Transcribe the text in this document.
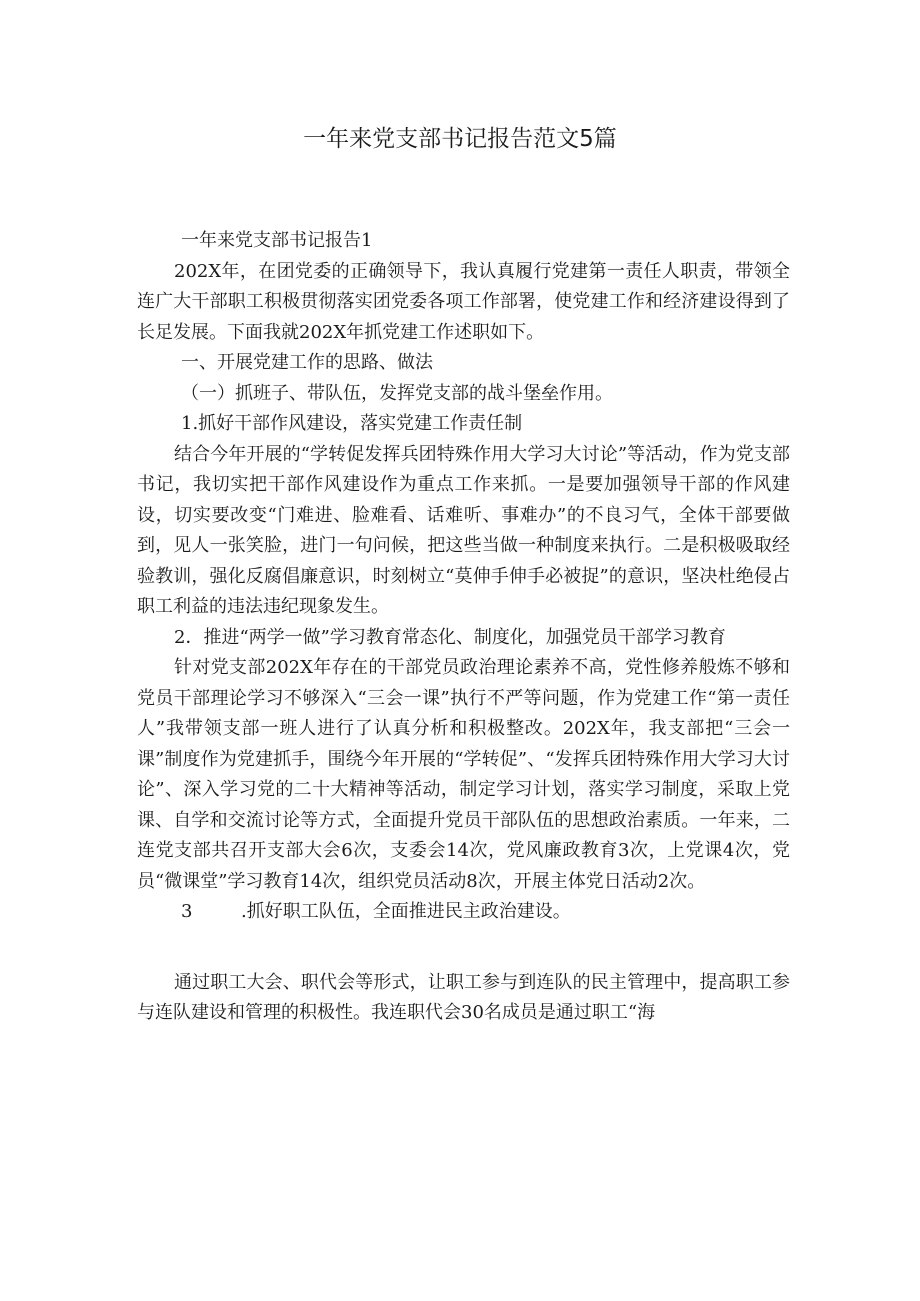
一年来党支部书记报告范文5篇

一年来党支部书记报告1

202X年，在团党委的正确领导下，我认真履行党建第一责任人职责，带领全连广大干部职工积极贯彻落实团党委各项工作部署，使党建工作和经济建设得到了长足发展。下面我就202X年抓党建工作述职如下。

一、开展党建工作的思路、做法

（一）抓班子、带队伍，发挥党支部的战斗堡垒作用。

1.抓好干部作风建设，落实党建工作责任制

结合今年开展的“学转促发挥兵团特殊作用大学习大讨论”等活动，作为党支部书记，我切实把干部作风建设作为重点工作来抓。一是要加强领导干部的作风建设，切实要改变“门难进、脸难看、话难听、事难办”的不良习气，全体干部要做到，见人一张笑脸，进门一句问候，把这些当做一种制度来执行。二是积极吸取经验教训，强化反腐倡廉意识，时刻树立“莫伸手伸手必被捉”的意识，坚决杜绝侵占职工利益的违法违纪现象发生。

2．推进“两学一做”学习教育常态化、制度化，加强党员干部学习教育

针对党支部202X年存在的干部党员政治理论素养不高，党性修养般炼不够和党员干部理论学习不够深入“三会一课”执行不严等问题，作为党建工作“第一责任人”我带领支部一班人进行了认真分析和积极整改。202X年，我支部把“三会一课”制度作为党建抓手，围绕今年开展的“学转促”、“发挥兵团特殊作用大学习大讨论”、深入学习党的二十大精神等活动，制定学习计划，落实学习制度，采取上党课、自学和交流讨论等方式，全面提升党员干部队伍的思想政治素质。一年来，二连党支部共召开支部大会6次，支委会14次，党风廉政教育3次，上党课4次，党员“微课堂”学习教育14次，组织党员活动8次，开展主体党日活动2次。

3	.抓好职工队伍，全面推进民主政治建设。

通过职工大会、职代会等形式，让职工参与到连队的民主管理中，提高职工参与连队建设和管理的积极性。我连职代会30名成员是通过职工“海
